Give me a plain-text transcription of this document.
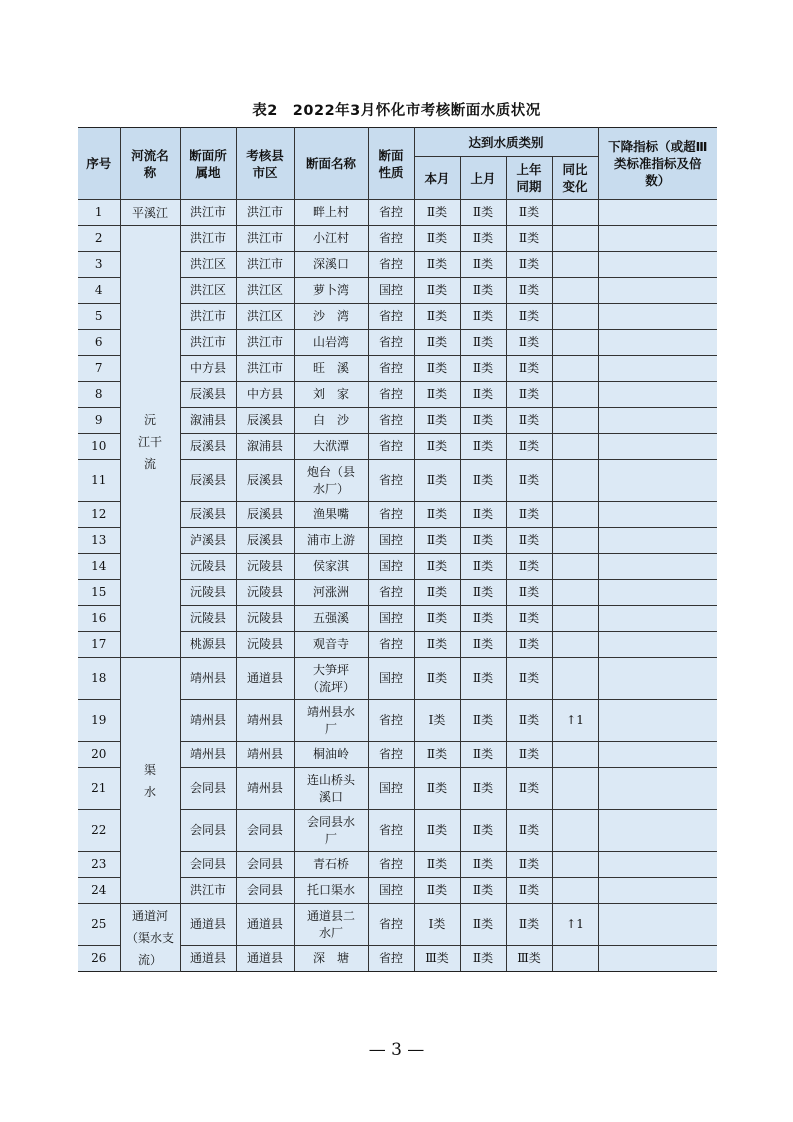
表2　2022年3月怀化市考核断面水质状况
序号	河流名称	断面所属地	考核县市区	断面名称	断面性质	达到水质类别				下降指标（或超Ⅲ类标准指标及倍数）
						本月	上月	上年同期	同比变化	
1	平溪江	洪江市	洪江市	畔上村	省控	Ⅱ类	Ⅱ类	Ⅱ类		
2	沅　江干　流	洪江市	洪江市	小江村	省控	Ⅱ类	Ⅱ类	Ⅱ类		
3		洪江区	洪江市	深溪口	省控	Ⅱ类	Ⅱ类	Ⅱ类		
4		洪江区	洪江区	萝卜湾	国控	Ⅱ类	Ⅱ类	Ⅱ类		
5		洪江市	洪江区	沙　湾	省控	Ⅱ类	Ⅱ类	Ⅱ类		
6		洪江市	洪江市	山岩湾	省控	Ⅱ类	Ⅱ类	Ⅱ类		
7		中方县	洪江市	旺　溪	省控	Ⅱ类	Ⅱ类	Ⅱ类		
8		辰溪县	中方县	刘　家	省控	Ⅱ类	Ⅱ类	Ⅱ类		
9		溆浦县	辰溪县	白　沙	省控	Ⅱ类	Ⅱ类	Ⅱ类		
10		辰溪县	溆浦县	大洑潭	省控	Ⅱ类	Ⅱ类	Ⅱ类		
11		辰溪县	辰溪县	炮台（县水厂）	省控	Ⅱ类	Ⅱ类	Ⅱ类		
12		辰溪县	辰溪县	渔果嘴	省控	Ⅱ类	Ⅱ类	Ⅱ类		
13		泸溪县	辰溪县	浦市上游	国控	Ⅱ类	Ⅱ类	Ⅱ类		
14		沅陵县	沅陵县	侯家淇	国控	Ⅱ类	Ⅱ类	Ⅱ类		
15		沅陵县	沅陵县	河涨洲	省控	Ⅱ类	Ⅱ类	Ⅱ类		
16		沅陵县	沅陵县	五强溪	国控	Ⅱ类	Ⅱ类	Ⅱ类		
17		桃源县	沅陵县	观音寺	省控	Ⅱ类	Ⅱ类	Ⅱ类		
18	渠　水	靖州县	通道县	大笋坪（流坪）	国控	Ⅱ类	Ⅱ类	Ⅱ类		
19		靖州县	靖州县	靖州县水　厂	省控	Ⅰ类	Ⅱ类	Ⅱ类	↑1	
20		靖州县	靖州县	桐油岭	省控	Ⅱ类	Ⅱ类	Ⅱ类		
21		会同县	靖州县	连山桥头溪口	国控	Ⅱ类	Ⅱ类	Ⅱ类		
22		会同县	会同县	会同县水　厂	省控	Ⅱ类	Ⅱ类	Ⅱ类		
23		会同县	会同县	青石桥	省控	Ⅱ类	Ⅱ类	Ⅱ类		
24		洪江市	会同县	托口渠水	国控	Ⅱ类	Ⅱ类	Ⅱ类		
25	通道河（渠水支流）	通道县	通道县	通道县二水厂	省控	Ⅰ类	Ⅱ类	Ⅱ类	↑1	
26		通道县	通道县	深　塘	省控	Ⅲ类	Ⅱ类	Ⅲ类		
— 3 —
